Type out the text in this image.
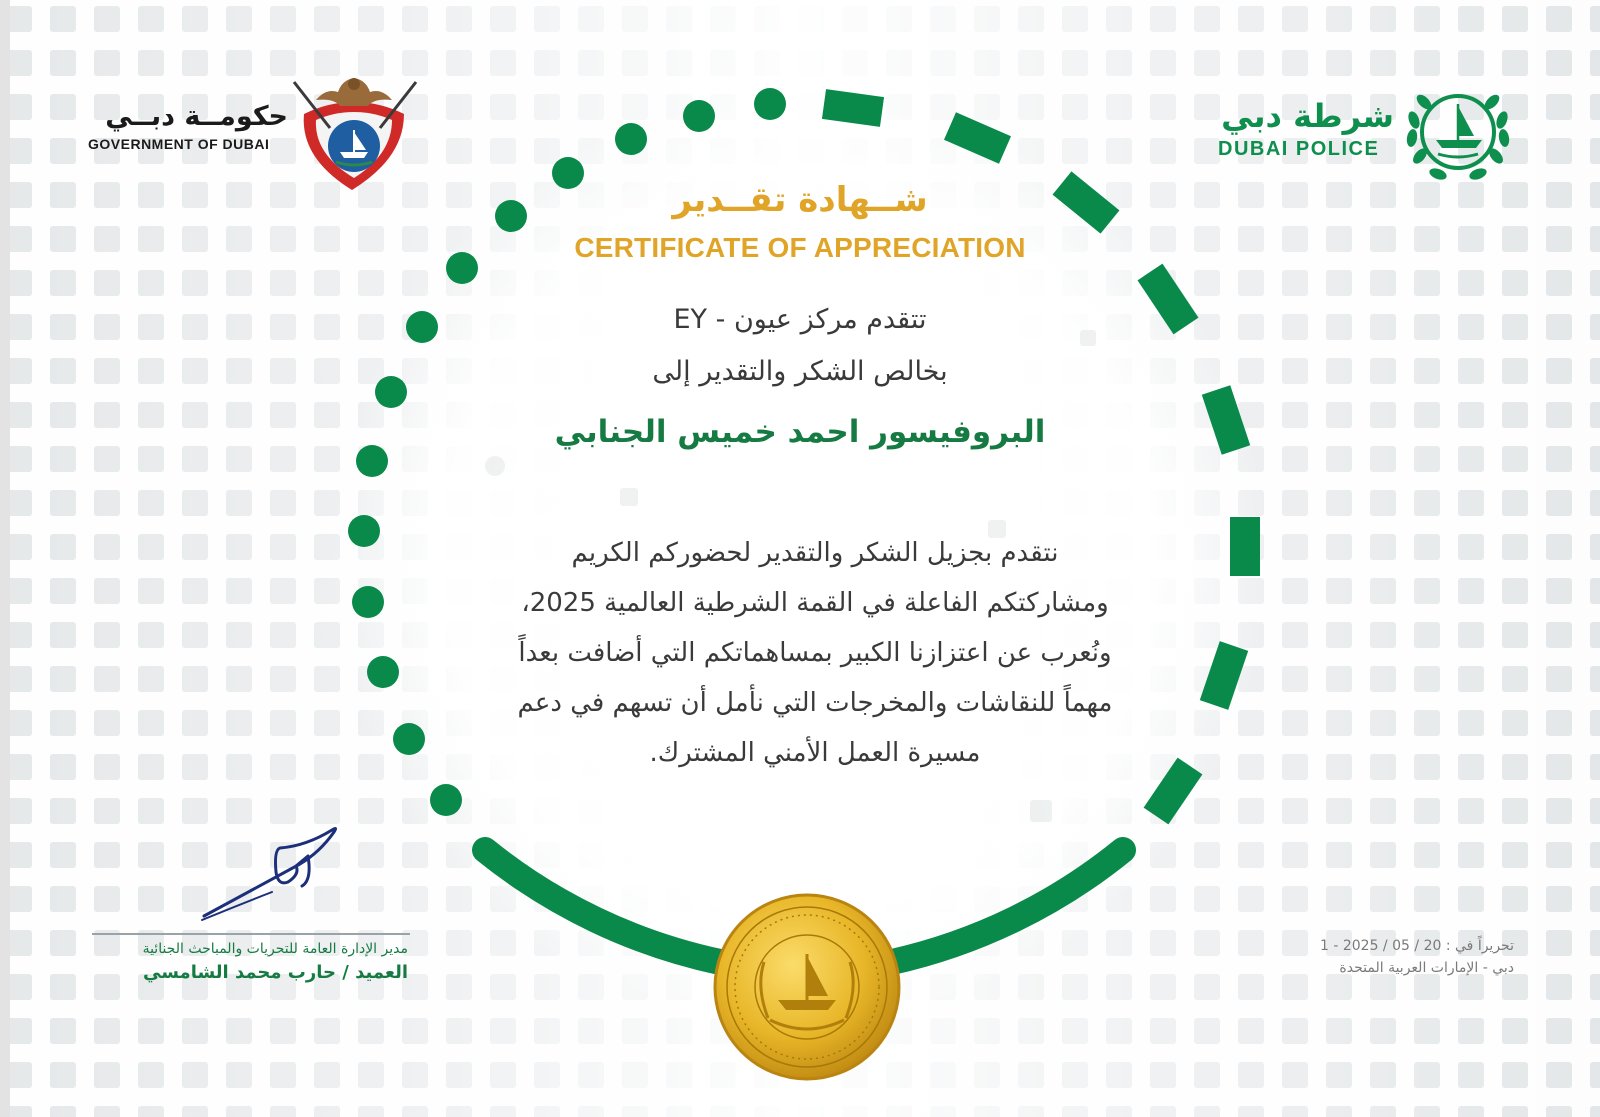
حكومــة دبــي
GOVERNMENT OF DUBAI
شرطة دبي
DUBAI POLICE
شــهادة تقــدير
CERTIFICATE OF APPRECIATION
تتقدم مركز عيون - EY
بخالص الشكر والتقدير إلى
البروفيسور احمد خميس الجنابي
نتقدم بجزيل الشكر والتقدير لحضوركم الكريم
ومشاركتكم الفاعلة في القمة الشرطية العالمية 2025،
ونُعرب عن اعتزازنا الكبير بمساهماتكم التي أضافت بعداً
مهماً للنقاشات والمخرجات التي نأمل أن تسهم في دعم
مسيرة العمل الأمني المشترك.
مدير الإدارة العامة للتحريات والمباحث الجنائية
العميد / حارب محمد الشامسي
تحريراً في : 20 / 05 / 2025 - 1
دبي - الإمارات العربية المتحدة
